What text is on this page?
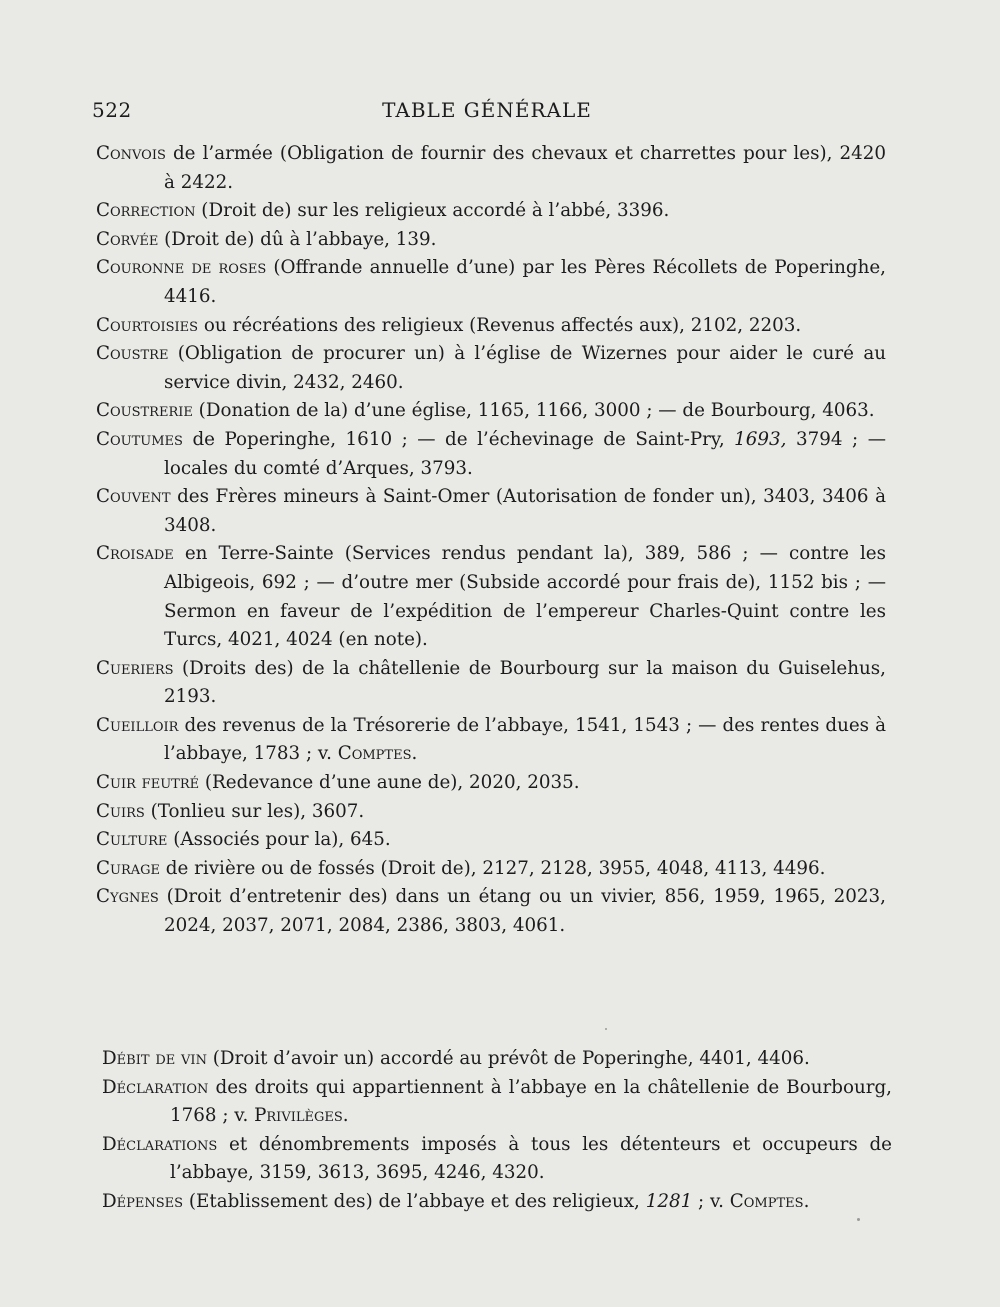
522	TABLE GÉNÉRALE
Convois de l’armée (Obligation de fournir des chevaux et charrettes pour les), 2420 à 2422.
Correction (Droit de) sur les religieux accordé à l’abbé, 3396.
Corvée (Droit de) dû à l’abbaye, 139.
Couronne de roses (Offrande annuelle d’une) par les Pères Récollets de Poperinghe, 4416.
Courtoisies ou récréations des religieux (Revenus affectés aux), 2102, 2203.
Coustre (Obligation de procurer un) à l’église de Wizernes pour aider le curé au service divin, 2432, 2460.
Coustrerie (Donation de la) d’une église, 1165, 1166, 3000 ; — de Bourbourg, 4063.
Coutumes de Poperinghe, 1610 ; — de l’échevinage de Saint-Pry, 1693, 3794 ; — locales du comté d’Arques, 3793.
Couvent des Frères mineurs à Saint-Omer (Autorisation de fonder un), 3403, 3406 à 3408.
Croisade en Terre-Sainte (Services rendus pendant la), 389, 586 ; — contre les Albigeois, 692 ; — d’outre mer (Subside accordé pour frais de), 1152 bis ; — Sermon en faveur de l’expédition de l’empereur Charles-Quint contre les Turcs, 4021, 4024 (en note).
Cueriers (Droits des) de la châtellenie de Bourbourg sur la maison du Guiselehus, 2193.
Cueilloir des revenus de la Trésorerie de l’abbaye, 1541, 1543 ; — des rentes dues à l’abbaye, 1783 ; v. Comptes.
Cuir feutré (Redevance d’une aune de), 2020, 2035.
Cuirs (Tonlieu sur les), 3607.
Culture (Associés pour la), 645.
Curage de rivière ou de fossés (Droit de), 2127, 2128, 3955, 4048, 4113, 4496.
Cygnes (Droit d’entretenir des) dans un étang ou un vivier, 856, 1959, 1965, 2023, 2024, 2037, 2071, 2084, 2386, 3803, 4061.
Débit de vin (Droit d’avoir un) accordé au prévôt de Poperinghe, 4401, 4406.
Déclaration des droits qui appartiennent à l’abbaye en la châtellenie de Bourbourg, 1768 ; v. Privilèges.
Déclarations et dénombrements imposés à tous les détenteurs et occupeurs de l’abbaye, 3159, 3613, 3695, 4246, 4320.
Dépenses (Etablissement des) de l’abbaye et des religieux, 1281 ; v. Comptes.
